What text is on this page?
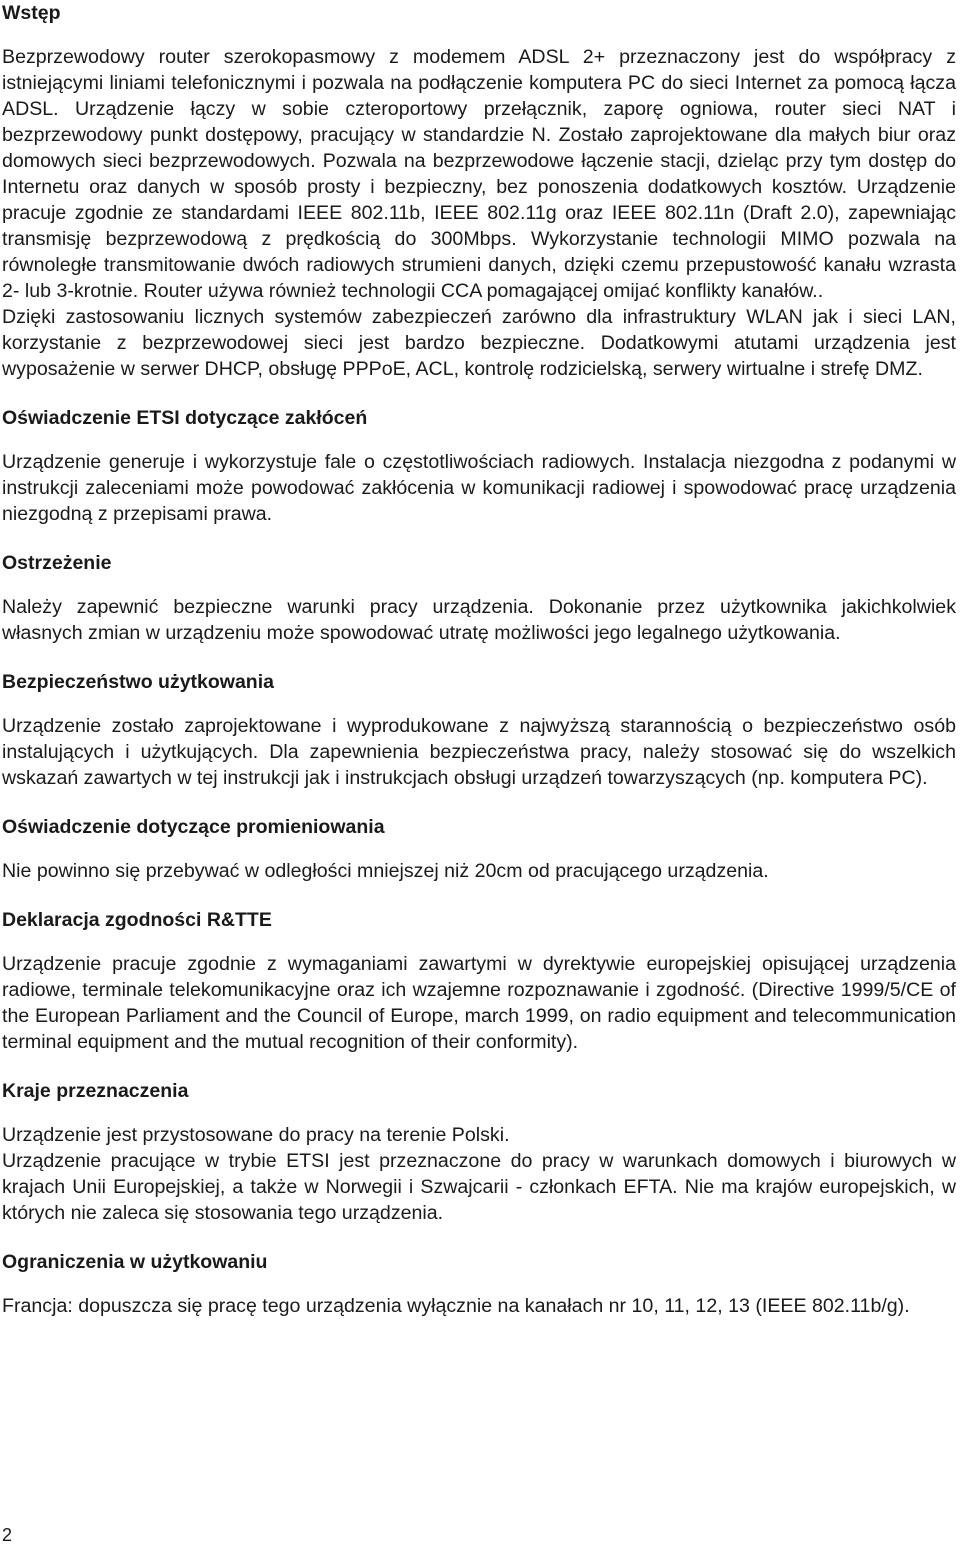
Wstęp

Bezprzewodowy router szerokopasmowy z modemem ADSL 2+ przeznaczony jest do współpracy z istniejącymi liniami telefonicznymi i pozwala na podłączenie komputera PC do sieci Internet za pomocą łącza ADSL. Urządzenie łączy w sobie czteroportowy przełącznik, zaporę ogniowa, router sieci NAT i bezprzewodowy punkt dostępowy, pracujący w standardzie N. Zostało zaprojektowane dla małych biur oraz domowych sieci bezprzewodowych. Pozwala na bezprzewodowe łączenie stacji, dzieląc przy tym dostęp do Internetu oraz danych w sposób prosty i bezpieczny, bez ponoszenia dodatkowych kosztów. Urządzenie pracuje zgodnie ze standardami IEEE 802.11b, IEEE 802.11g oraz IEEE 802.11n (Draft 2.0), zapewniając transmisję bezprzewodową z prędkością do 300Mbps. Wykorzystanie technologii MIMO pozwala na równoległe transmitowanie dwóch radiowych strumieni danych, dzięki czemu przepustowość kanału wzrasta 2- lub 3-krotnie. Router używa również technologii CCA pomagającej omijać konflikty kanałów..

Dzięki zastosowaniu licznych systemów zabezpieczeń zarówno dla infrastruktury WLAN jak i sieci LAN, korzystanie z bezprzewodowej sieci jest bardzo bezpieczne. Dodatkowymi atutami urządzenia jest wyposażenie w serwer DHCP, obsługę PPPoE, ACL, kontrolę rodzicielską, serwery wirtualne i strefę DMZ.

Oświadczenie ETSI dotyczące zakłóceń

Urządzenie generuje i wykorzystuje fale o częstotliwościach radiowych. Instalacja niezgodna z podanymi w instrukcji zaleceniami może powodować zakłócenia w komunikacji radiowej i spowodować pracę urządzenia niezgodną z przepisami prawa.

Ostrzeżenie

Należy zapewnić bezpieczne warunki pracy urządzenia. Dokonanie przez użytkownika jakichkolwiek własnych zmian w urządzeniu może spowodować utratę możliwości jego legalnego użytkowania.

Bezpieczeństwo użytkowania

Urządzenie zostało zaprojektowane i wyprodukowane z najwyższą starannością o bezpieczeństwo osób instalujących i użytkujących. Dla zapewnienia bezpieczeństwa pracy, należy stosować się do wszelkich wskazań zawartych w tej instrukcji jak i instrukcjach obsługi urządzeń towarzyszących (np. komputera PC).

Oświadczenie dotyczące promieniowania

Nie powinno się przebywać w odległości mniejszej niż 20cm od pracującego urządzenia.

Deklaracja zgodności R&TTE

Urządzenie pracuje zgodnie z wymaganiami zawartymi w dyrektywie europejskiej opisującej urządzenia radiowe, terminale telekomunikacyjne oraz ich wzajemne rozpoznawanie i zgodność. (Directive 1999/5/CE of the European Parliament and the Council of Europe, march 1999, on radio equipment and telecommunication terminal equipment and the mutual recognition of their conformity).

Kraje przeznaczenia

Urządzenie jest przystosowane do pracy na terenie Polski.

Urządzenie pracujące w trybie ETSI jest przeznaczone do pracy w warunkach domowych i biurowych w krajach Unii Europejskiej, a także w Norwegii i Szwajcarii - członkach EFTA. Nie ma krajów europejskich, w których nie zaleca się stosowania tego urządzenia.

Ograniczenia w użytkowaniu

Francja: dopuszcza się pracę tego urządzenia wyłącznie na kanałach nr 10, 11, 12, 13 (IEEE 802.11b/g).

2
